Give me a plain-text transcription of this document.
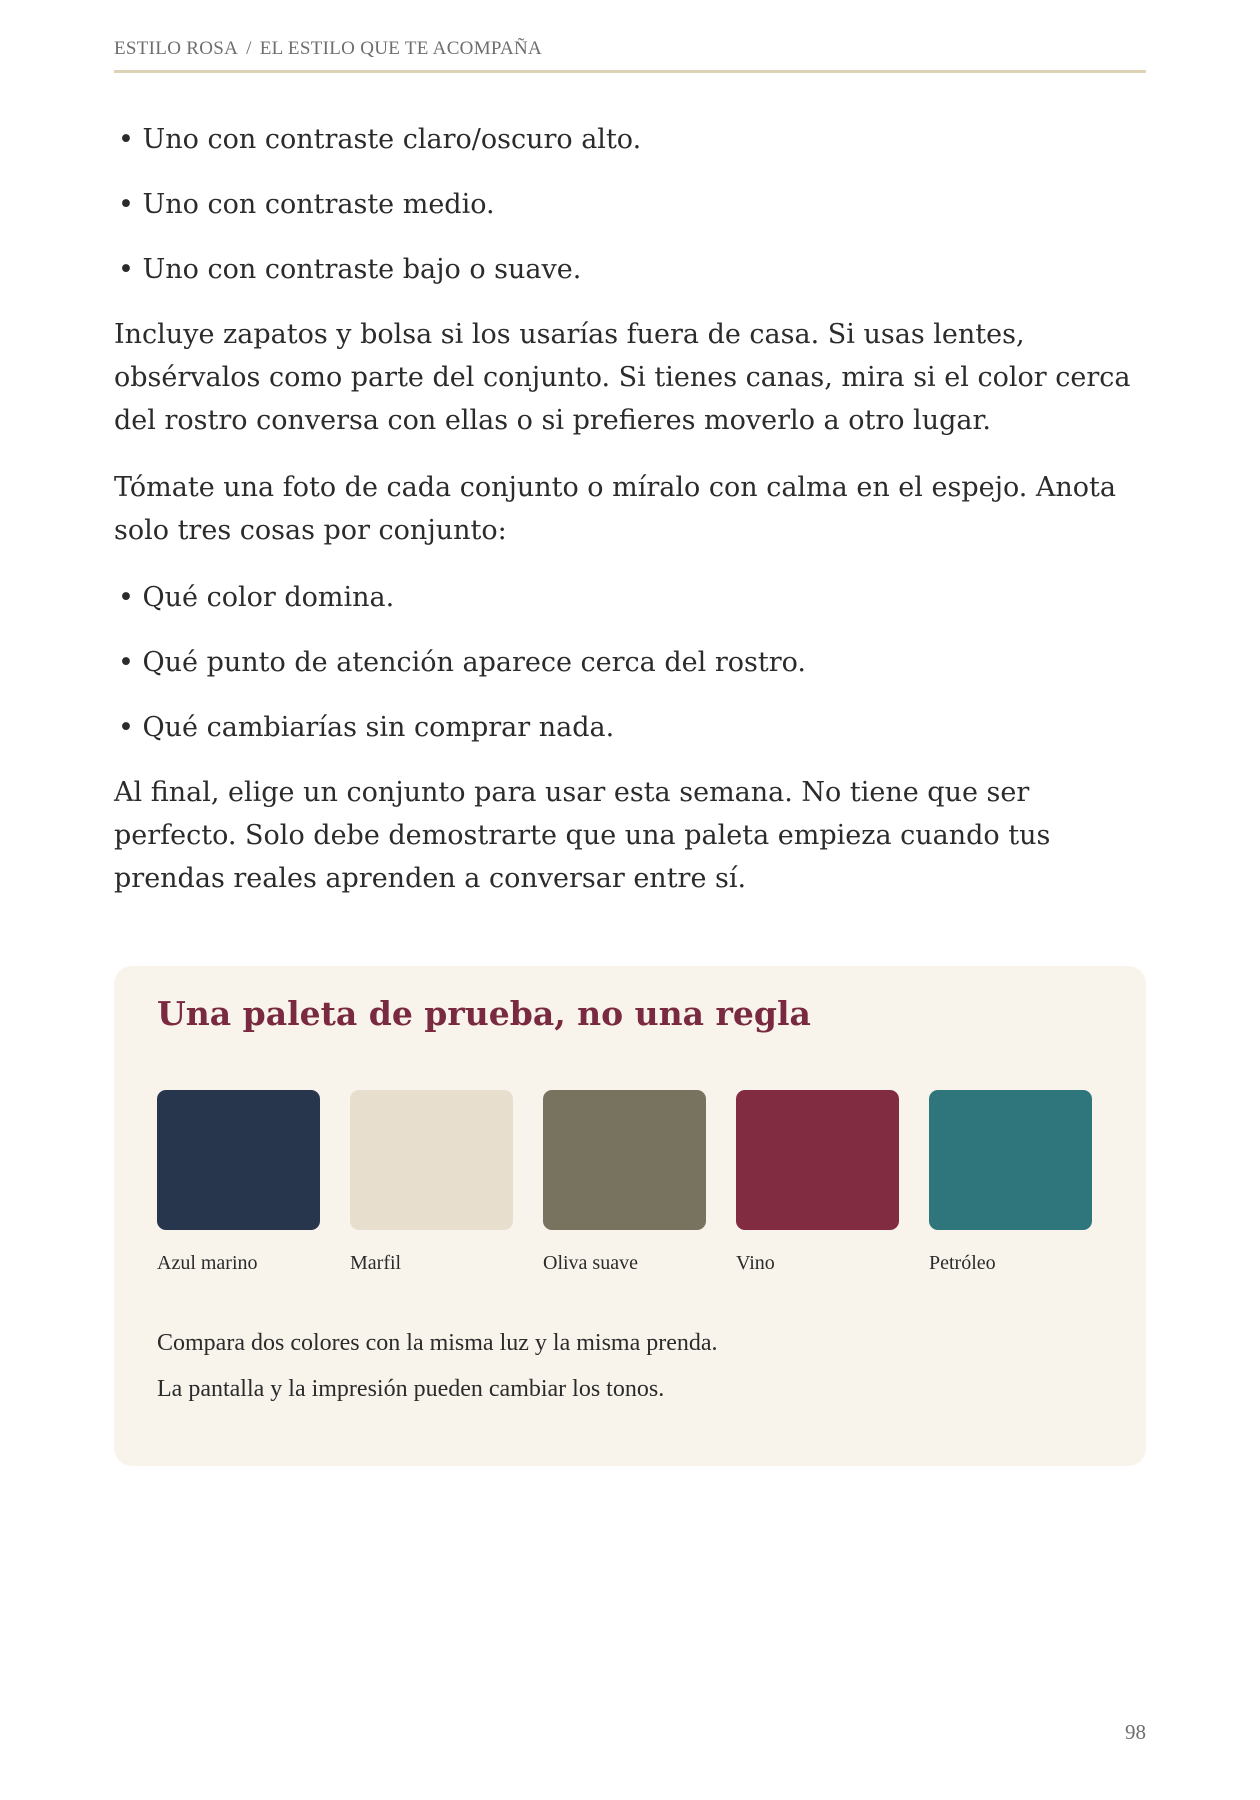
ESTILO ROSA / EL ESTILO QUE TE ACOMPAÑA
• Uno con contraste claro/oscuro alto.
• Uno con contraste medio.
• Uno con contraste bajo o suave.

Incluye zapatos y bolsa si los usarías fuera de casa. Si usas lentes, obsérvalos como parte del conjunto. Si tienes canas, mira si el color cerca del rostro conversa con ellas o si prefieres moverlo a otro lugar.

Tómate una foto de cada conjunto o míralo con calma en el espejo. Anota solo tres cosas por conjunto:

• Qué color domina.
• Qué punto de atención aparece cerca del rostro.
• Qué cambiarías sin comprar nada.

Al final, elige un conjunto para usar esta semana. No tiene que ser perfecto. Solo debe demostrarte que una paleta empieza cuando tus prendas reales aprenden a conversar entre sí.

Una paleta de prueba, no una regla
Azul marino	Marfil	Oliva suave	Vino	Petróleo
Compara dos colores con la misma luz y la misma prenda.
La pantalla y la impresión pueden cambiar los tonos.
98
